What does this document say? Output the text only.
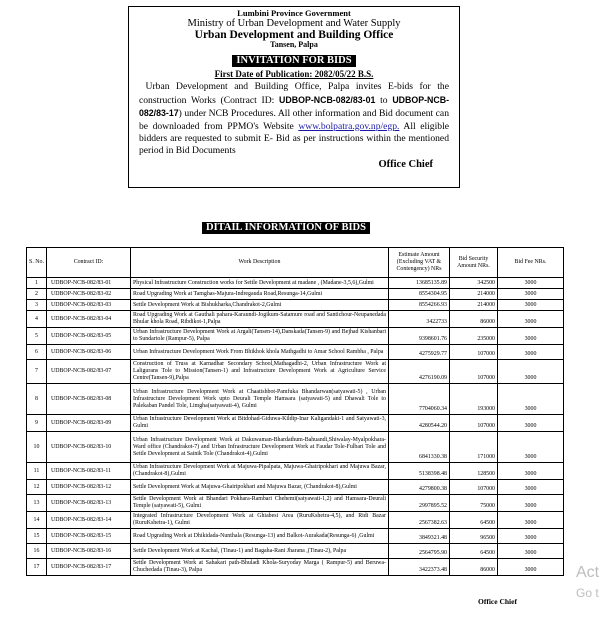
Lumbini Province Government
Ministry of Urban Development and Water Supply
Urban Development and Building Office
Tansen, Palpa
INVITATION FOR BIDS
First Date of Publication: 2082/05/22 B.S.
Urban Development and Building Office, Palpa invites E-bids for the construction Works (Contract ID: UDBOP-NCB-082/83-01 to UDBOP-NCB-082/83-17) under NCB Procedures. All other information and Bid document can be downloaded from PPMO's Website www.bolpatra.gov.np/egp. All eligible bidders are requested to submit E- Bid as per instructions within the mentioned period in Bid Documents
Office Chief
DITAIL INFORMATION OF BIDS
S. No.	Contract ID:	Work Description	Estimate Amount (Excluding VAT & Contengency) NRs	Bid Security Amount NRs.	Bid Fee NRs.
1	UDBOP-NCB-082/83-01	Physical Infrastructure Construction works for Settle Development at madane , (Madane-3,5,6),Gulmi	13685135.89	342500	3000
2	UDBOP-NCB-082/83-02	Road Upgrading Work at Tamghas-Majura-Indregauda Road,Resunga-14,Gulmi	8554304.95	214000	3000
3	UDBOP-NCB-082/83-03	Settle Development Work at Bishukharka,Chandrakot-2,Gulmi	8554266.93	214000	3000
4	UDBOP-NCB-082/83-04	Road Upgrading Work at Gauthali pahara-Karaundi-Jogikum-Satamure road and Santichour-Neupanedada Bhular khola Road, Ribdikot-1,Palpa	3422733	86000	3000
5	UDBOP-NCB-082/83-05	Urban Infrastructure Development Work at Argali(Tansen-14),Danskada(Tansen-9) and Bejhad Kishanbari to Sundartole (Rampur-5), Palpa	9398601.76	235000	3000
6	UDBOP-NCB-082/83-06	Urban Infrastructure Development Work From Bhikhok khola Mathgadhi to Amar School Rambha , Palpa	4275929.77	107000	3000
7	UDBOP-NCB-082/83-07	Construction of Truss at Karnadhar Secondary School,Mathagadhi-2, Urban Infrastructure Work at Laligurans Tole to Mission(Tansen-1) and Infrastructure Development Work at Agriculture Service Centre(Tansen-9),Palpa	4276190.09	107000	3000
8	UDBOP-NCB-082/83-08	Urban Infrastructure Development Work at Chaatishbot-Pamfuka Bhandarwan(satyawati-5) , Urban Infrastructure Development Work upto Deurali Temple Hamsara (satyawati-5) and Dhawali Tole to Palekaban Pandel Tole, Limgha(satyawati-4), Gulmi	7704060.34	193000	3000
9	UDBOP-NCB-082/83-09	Urban Infrastructure Development Work at Bitdohad-Giduwa-Kildip-Inar Kaligandaki-1 and Satyawati-3, Gulmi	4280544.20	107000	3000
10	UDBOP-NCB-082/83-10	Urban Infrastructure Development Work at Dakuwaman-Bhardathum-Bahuandi,Shiwalay-Myalpokhara-Ward office (Chandrakot-7) and Urban Infrastructure Development Work at Faudar Tole-Fulbari Tole and Settle Development at Sainik Tole (Chandrakot-4),Gulmi	6841330.38	171000	3000
11	UDBOP-NCB-082/83-11	Urban Infrastructure Development Work at Majuwa-Pipalpata, Majuwa-Ghairipokhari and Majuwa Bazar, (Chandrakot-8),Gulmi	5138398.48	128500	3000
12	UDBOP-NCB-082/83-12	Settle Development Work at Majuwa-Ghairipokhari and Majuwa Bazar, (Chandrakot-8),Gulmi	4279800.38	107000	3000
13	UDBOP-NCB-082/83-13	Settle Development Work at Bhandari Pokhara-Rambari Chehemi(satyawati-1,2) and Hamsara-Deurali Temple (satyawati-5), Gulmi	2997895.52	75000	3000
14	UDBOP-NCB-082/83-14	Integrated Infrastructure Development Work at Ghiabesi Area (RuruKshetra-4,5), and Ridi Bazar (RuruKshetra-1), Gulmi	2567382.63	64500	3000
15	UDBOP-NCB-082/83-15	Road Upgrading Work at Dhikidada-Nunthala (Resunga-13) and Balkot-Aurakada(Resunga-6) ,Gulmi	3849321.48	96500	3000
16	UDBOP-NCB-082/83-16	Settle Development Work at Kachal, (Tinau-1) and Bagaha-Rani Jharana ,(Tinau-2), Palpa	2564795.90	64500	3000
17	UDBOP-NCB-082/83-17	Settle Development Work at Sahakari path-Bhuladi Khola-Suryoday Marga ( Rampur-5) and Beruwa-Chuchedada (Tinau-3), Palpa	3422373.48	86000	3000
Office Chief
Act
Go t
